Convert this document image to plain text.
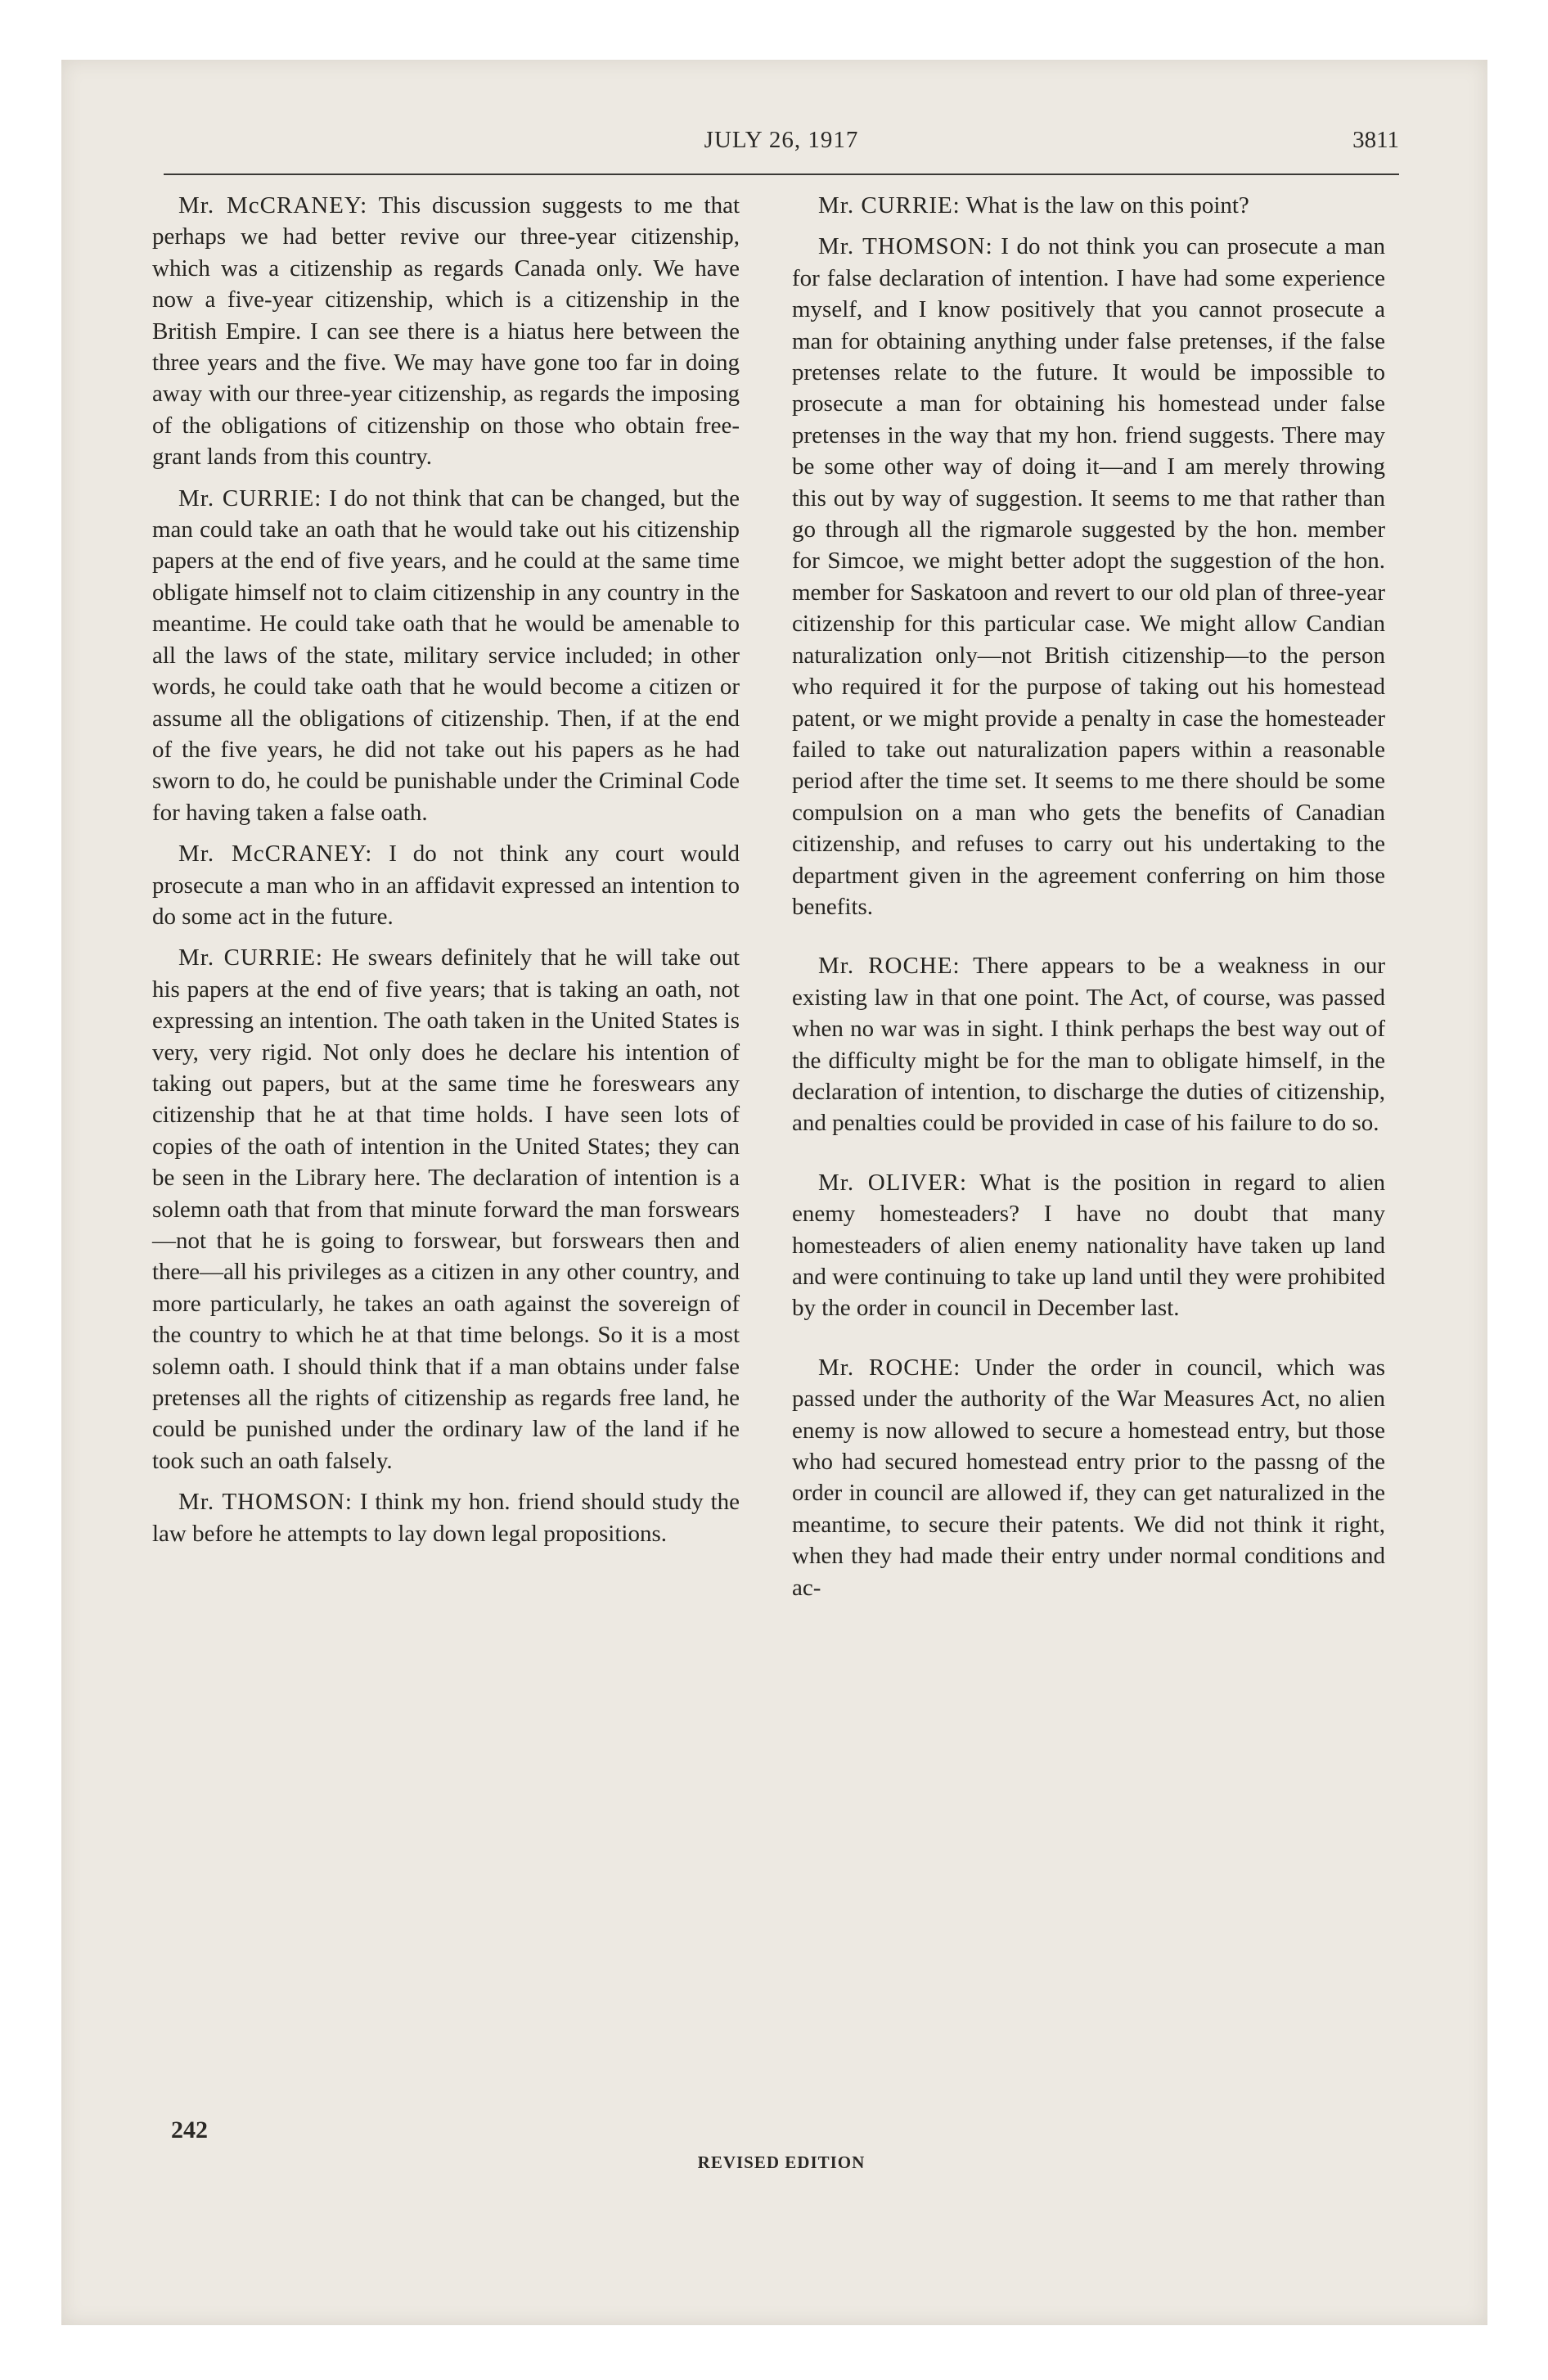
JULY 26, 1917	3811

Mr. McCRANEY: This discussion suggests to me that perhaps we had better revive our three-year citizenship, which was a citizenship as regards Canada only. We have now a five-year citizenship, which is a citizenship in the British Empire. I can see there is a hiatus here between the three years and the five. We may have gone too far in doing away with our three-year citizenship, as regards the imposing of the obligations of citizenship on those who obtain free-grant lands from this country.

Mr. CURRIE: I do not think that can be changed, but the man could take an oath that he would take out his citizenship papers at the end of five years, and he could at the same time obligate himself not to claim citizenship in any country in the meantime. He could take oath that he would be amenable to all the laws of the state, military service included; in other words, he could take oath that he would become a citizen or assume all the obligations of citizenship. Then, if at the end of the five years, he did not take out his papers as he had sworn to do, he could be punishable under the Criminal Code for having taken a false oath.

Mr. McCRANEY: I do not think any court would prosecute a man who in an affidavit expressed an intention to do some act in the future.

Mr. CURRIE: He swears definitely that he will take out his papers at the end of five years; that is taking an oath, not expressing an intention. The oath taken in the United States is very, very rigid. Not only does he declare his intention of taking out papers, but at the same time he foreswears any citizenship that he at that time holds. I have seen lots of copies of the oath of intention in the United States; they can be seen in the Library here. The declaration of intention is a solemn oath that from that minute forward the man forswears—not that he is going to forswear, but forswears then and there—all his privileges as a citizen in any other country, and more particularly, he takes an oath against the sovereign of the country to which he at that time belongs. So it is a most solemn oath. I should think that if a man obtains under false pretenses all the rights of citizenship as regards free land, he could be punished under the ordinary law of the land if he took such an oath falsely.

Mr. THOMSON: I think my hon. friend should study the law before he attempts to lay down legal propositions.

Mr. CURRIE: What is the law on this point?

Mr. THOMSON: I do not think you can prosecute a man for false declaration of intention. I have had some experience myself, and I know positively that you cannot prosecute a man for obtaining anything under false pretenses, if the false pretenses relate to the future. It would be impossible to prosecute a man for obtaining his homestead under false pretenses in the way that my hon. friend suggests. There may be some other way of doing it—and I am merely throwing this out by way of suggestion. It seems to me that rather than go through all the rigmarole suggested by the hon. member for Simcoe, we might better adopt the suggestion of the hon. member for Saskatoon and revert to our old plan of three-year citizenship for this particular case. We might allow Candian naturalization only—not British citizenship—to the person who required it for the purpose of taking out his homestead patent, or we might provide a penalty in case the homesteader failed to take out naturalization papers within a reasonable period after the time set. It seems to me there should be some compulsion on a man who gets the benefits of Canadian citizenship, and refuses to carry out his undertaking to the department given in the agreement conferring on him those benefits.

Mr. ROCHE: There appears to be a weakness in our existing law in that one point. The Act, of course, was passed when no war was in sight. I think perhaps the best way out of the difficulty might be for the man to obligate himself, in the declaration of intention, to discharge the duties of citizenship, and penalties could be provided in case of his failure to do so.

Mr. OLIVER: What is the position in regard to alien enemy homesteaders? I have no doubt that many homesteaders of alien enemy nationality have taken up land and were continuing to take up land until they were prohibited by the order in council in December last.

Mr. ROCHE: Under the order in council, which was passed under the authority of the War Measures Act, no alien enemy is now allowed to secure a homestead entry, but those who had secured homestead entry prior to the passng of the order in council are allowed if, they can get naturalized in the meantime, to secure their patents. We did not think it right, when they had made their entry under normal conditions and ac-

242
REVISED EDITION
